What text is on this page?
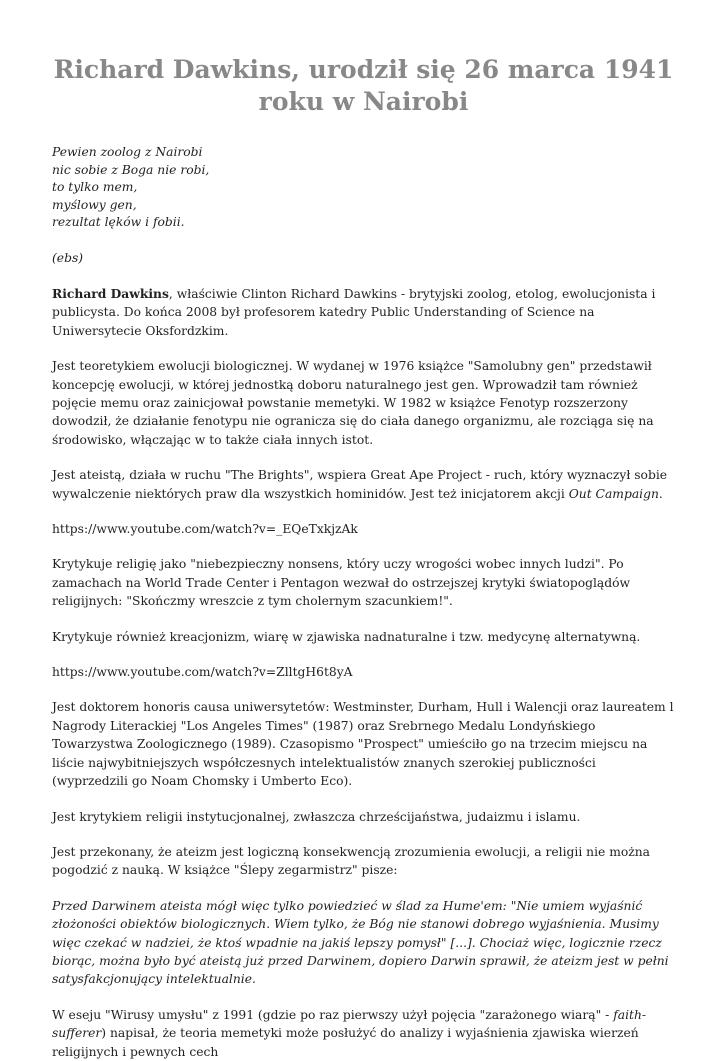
Richard Dawkins, urodził się 26 marca 1941 roku w Nairobi
Pewien zoolog z Nairobi
nic sobie z Boga nie robi,
to tylko mem,
myślowy gen,
rezultat lęków i fobii.
(ebs)

Richard Dawkins, właściwie Clinton Richard Dawkins - brytyjski zoolog, etolog, ewolucjonista i publicysta. Do końca 2008 był profesorem katedry Public Understanding of Science na Uniwersytecie Oksfordzkim.

Jest teoretykiem ewolucji biologicznej. W wydanej w 1976 książce "Samolubny gen" przedstawił koncepcję ewolucji, w której jednostką doboru naturalnego jest gen. Wprowadził tam również pojęcie memu oraz zainicjował powstanie memetyki. W 1982 w książce Fenotyp rozszerzony dowodził, że działanie fenotypu nie ogranicza się do ciała danego organizmu, ale rozciąga się na środowisko, włączając w to także ciała innych istot.

Jest ateistą, działa w ruchu "The Brights", wspiera Great Ape Project - ruch, który wyznaczył sobie wywalczenie niektórych praw dla wszystkich hominidów. Jest też inicjatorem akcji Out Campaign.

https://www.youtube.com/watch?v=_EQeTxkjzAk

Krytykuje religię jako "niebezpieczny nonsens, który uczy wrogości wobec innych ludzi". Po zamachach na World Trade Center i Pentagon wezwał do ostrzejszej krytyki światopoglądów religijnych: "Skończmy wreszcie z tym cholernym szacunkiem!".

Krytykuje również kreacjonizm, wiarę w zjawiska nadnaturalne i tzw. medycynę alternatywną.

https://www.youtube.com/watch?v=ZlltgH6t8yA

Jest doktorem honoris causa uniwersytetów: Westminster, Durham, Hull i Walencji oraz laureatem l Nagrody Literackiej "Los Angeles Times" (1987) oraz Srebrnego Medalu Londyńskiego Towarzystwa Zoologicznego (1989). Czasopismo "Prospect" umieściło go na trzecim miejscu na liście najwybitniejszych współczesnych intelektualistów znanych szerokiej publiczności (wyprzedzili go Noam Chomsky i Umberto Eco).

Jest krytykiem religii instytucjonalnej, zwłaszcza chrześcijaństwa, judaizmu i islamu.

Jest przekonany, że ateizm jest logiczną konsekwencją zrozumienia ewolucji, a religii nie można pogodzić z nauką. W książce "Ślepy zegarmistrz" pisze:

Przed Darwinem ateista mógł więc tylko powiedzieć w ślad za Hume'em: "Nie umiem wyjaśnić złożoności obiektów biologicznych. Wiem tylko, że Bóg nie stanowi dobrego wyjaśnienia. Musimy więc czekać w nadziei, że ktoś wpadnie na jakiś lepszy pomysł" [...]. Chociaż więc, logicznie rzecz biorąc, można było być ateistą już przed Darwinem, dopiero Darwin sprawił, że ateizm jest w pełni satysfakcjonujący intelektualnie.

W eseju "Wirusy umysłu" z 1991 (gdzie po raz pierwszy użył pojęcia "zarażonego wiarą" - faith-sufferer) napisał, że teoria memetyki może posłużyć do analizy i wyjaśnienia zjawiska wierzeń religijnych i pewnych cech
